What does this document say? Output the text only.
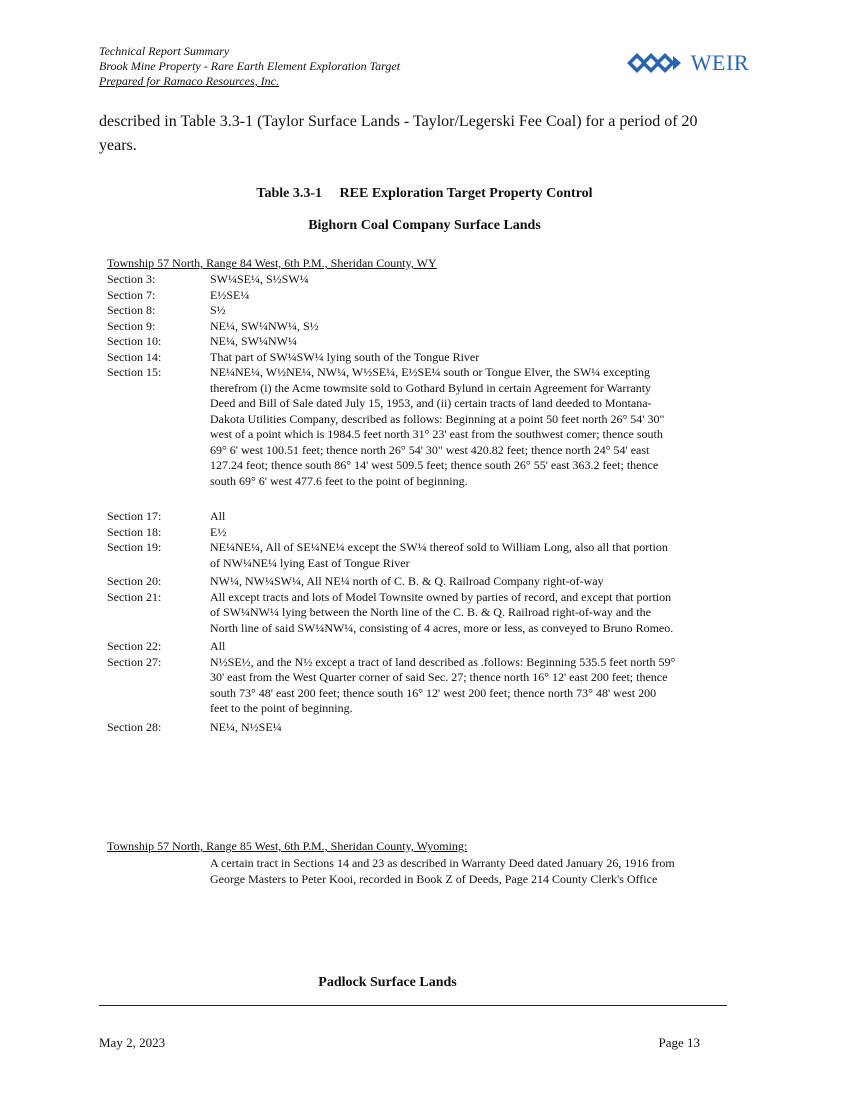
Technical Report Summary
Brook Mine Property - Rare Earth Element Exploration Target
Prepared for Ramaco Resources, Inc.
WEIR
described in Table 3.3-1 (Taylor Surface Lands - Taylor/Legerski Fee Coal) for a period of 20 years.
Table 3.3-1 REE Exploration Target Property Control
Bighorn Coal Company Surface Lands
Township 57 North, Range 84 West, 6th P.M., Sheridan County, WY
Section 3:	SW¼SE¼, S½SW¼
Section 7:	E½SE¼
Section 8:	S½
Section 9:	NE¼, SW¼NW¼, S½
Section 10:	NE¼, SW¼NW¼
Section 14:	That part of SW¼SW¼ lying south of the Tongue River
Section 15:	NE¼NE¼, W½NE¼, NW¼, W½SE¼, E½SE¼ south or Tongue Elver, the SW¼ excepting therefrom (i) the Acme towmsite sold to Gothard Bylund in certain Agreement for Warranty Deed and Bill of Sale dated July 15, 1953, and (ii) certain tracts of land deeded to Montana-Dakota Utilities Company, described as follows: Beginning at a point 50 feet north 26° 54' 30" west of a point which is 1984.5 feet north 31° 23' east from the southwest comer; thence south 69° 6' west 100.51 feet; thence north 26° 54' 30" west 420.82 feet; thence north 24° 54' east 127.24 feot; thence south 86° 14' west 509.5 feet; thence south 26° 55' east 363.2 feet; thence south 69° 6' west 477.6 feet to the point of beginning.
Section 17:	All
Section 18:	E½
Section 19:	NE¼NE¼, All of SE¼NE¼ except the SW¼ thereof sold to William Long, also all that portion of NW¼NE¼ lying East of Tongue River
Section 20:	NW¼, NW¼SW¼, All NE¼ north of C. B. & Q. Railroad Company right-of-way
Section 21:	All except tracts and lots of Model Townsite owned by parties of record, and except that portion of SW¼NW¼ lying between the North line of the C. B. & Q. Railroad right-of-way and the North line of said SW¼NW¼, consisting of 4 acres, more or less, as conveyed to Bruno Romeo.
Section 22:	All
Section 27:	N½SE½, and the N½ except a tract of land described as .follows: Beginning 535.5 feet north 59° 30' east from the West Quarter corner of said Sec. 27; thence north 16° 12' east 200 feet; thence south 73° 48' east 200 feet; thence south 16° 12' west 200 feet; thence north 73° 48' west 200 feet to the point of beginning.
Section 28:	NE¼, N½SE¼
Township 57 North, Range 85 West, 6th P.M., Sheridan County, Wyoming:
A certain tract in Sections 14 and 23 as described in Warranty Deed dated January 26, 1916 from George Masters to Peter Kooi, recorded in Book Z of Deeds, Page 214 County Clerk's Office
Padlock Surface Lands
May 2, 2023	Page 13
